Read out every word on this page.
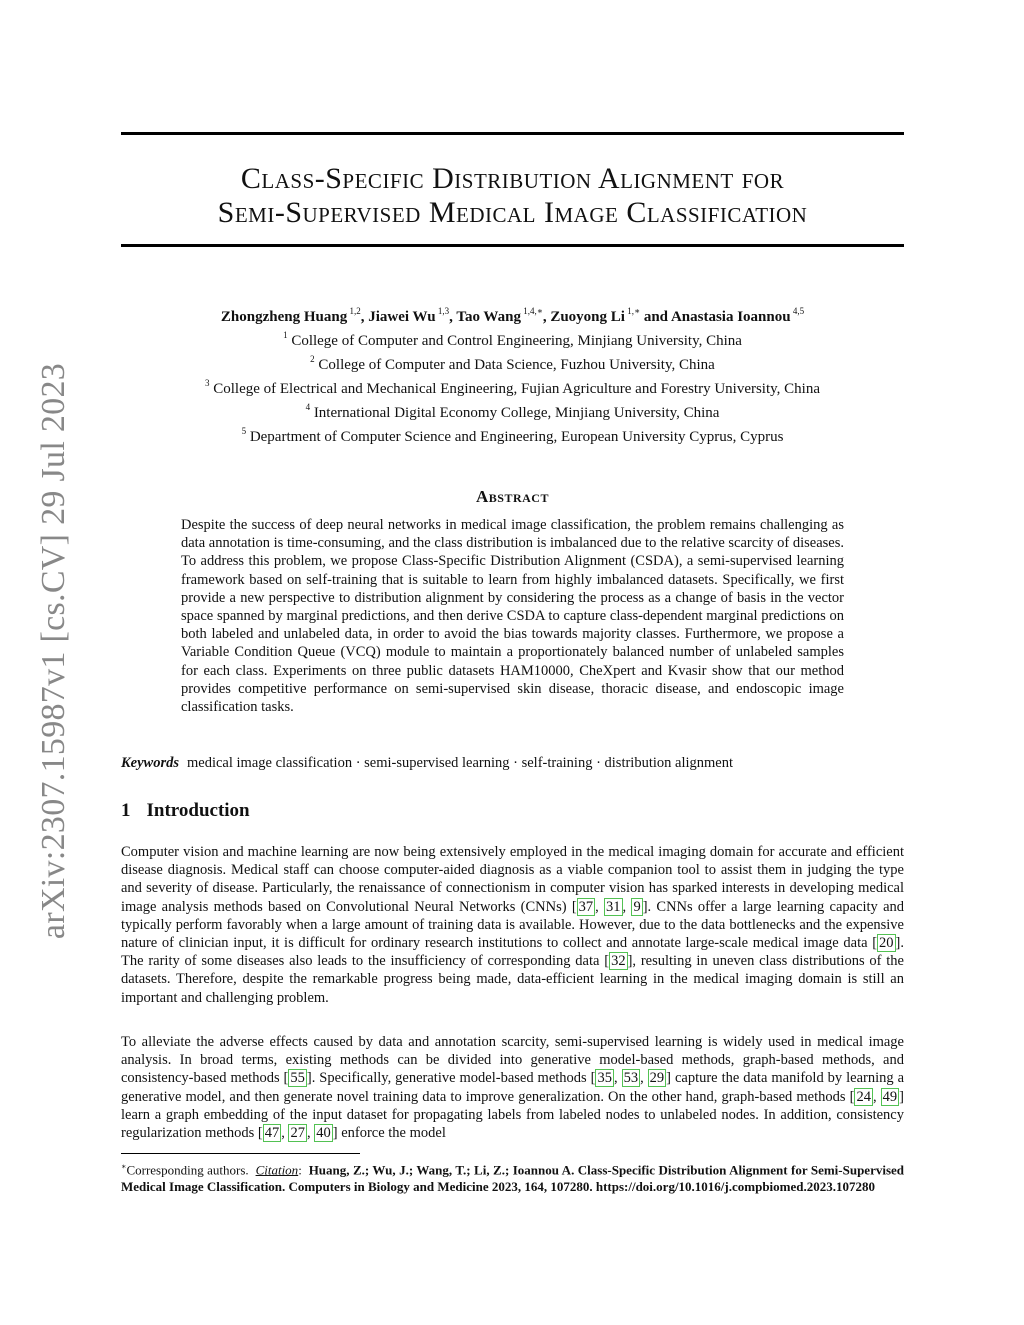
arXiv:2307.15987v1 [cs.CV] 29 Jul 2023
Class-Specific Distribution Alignment for
Semi-Supervised Medical Image Classification
Zhongzheng Huang $^{1,2}$, Jiawei Wu $^{1,3}$, Tao Wang $^{1,4,∗}$, Zuoyong Li $^{1,∗}$ and Anastasia Ioannou $^{4,5}$
$^1$ College of Computer and Control Engineering, Minjiang University, China
$^2$ College of Computer and Data Science, Fuzhou University, China
$^3$ College of Electrical and Mechanical Engineering, Fujian Agriculture and Forestry University, China
$^4$ International Digital Economy College, Minjiang University, China
$^5$ Department of Computer Science and Engineering, European University Cyprus, Cyprus
Abstract
Despite the success of deep neural networks in medical image classification, the problem remains challenging as data annotation is time-consuming, and the class distribution is imbalanced due to the relative scarcity of diseases. To address this problem, we propose Class-Specific Distribution Alignment (CSDA), a semi-supervised learning framework based on self-training that is suitable to learn from highly imbalanced datasets. Specifically, we first provide a new perspective to distribution alignment by considering the process as a change of basis in the vector space spanned by marginal predictions, and then derive CSDA to capture class-dependent marginal predictions on both labeled and unlabeled data, in order to avoid the bias towards majority classes. Furthermore, we propose a Variable Condition Queue (VCQ) module to maintain a proportionately balanced number of unlabeled samples for each class. Experiments on three public datasets HAM10000, CheXpert and Kvasir show that our method provides competitive performance on semi-supervised skin disease, thoracic disease, and endoscopic image classification tasks.
Keywords medical image classification · semi-supervised learning · self-training · distribution alignment
1 Introduction
Computer vision and machine learning are now being extensively employed in the medical imaging domain for accurate and efficient disease diagnosis. Medical staff can choose computer-aided diagnosis as a viable companion tool to assist them in judging the type and severity of disease. Particularly, the renaissance of connectionism in computer vision has sparked interests in developing medical image analysis methods based on Convolutional Neural Networks (CNNs) [ 37 , 31 , 9 ]. CNNs offer a large learning capacity and typically perform favorably when a large amount of training data is available. However, due to the data bottlenecks and the expensive nature of clinician input, it is difficult for ordinary research institutions to collect and annotate large-scale medical image data [ 20 ]. The rarity of some diseases also leads to the insufficiency of corresponding data [ 32 ], resulting in uneven class distributions of the datasets. Therefore, despite the remarkable progress being made, data-efficient learning in the medical imaging domain is still an important and challenging problem.
To alleviate the adverse effects caused by data and annotation scarcity, semi-supervised learning is widely used in medical image analysis. In broad terms, existing methods can be divided into generative model-based methods, graph-based methods, and consistency-based methods [ 55 ]. Specifically, generative model-based methods [ 35 , 53 , 29 ] capture the data manifold by learning a generative model, and then generate novel training data to improve generalization. On the other hand, graph-based methods [ 24 , 49 ] learn a graph embedding of the input dataset for propagating labels from labeled nodes to unlabeled nodes. In addition, consistency regularization methods [ 47 , 27 , 40 ] enforce the model
∗Corresponding authors. Citation:  Huang, Z.; Wu, J.; Wang, T.; Li, Z.; Ioannou A. Class-Specific Distribution Alignment for Semi-Supervised Medical Image Classification. Computers in Biology and Medicine 2023, 164, 107280. https://doi.org/10.1016/j.compbiomed.2023.107280
